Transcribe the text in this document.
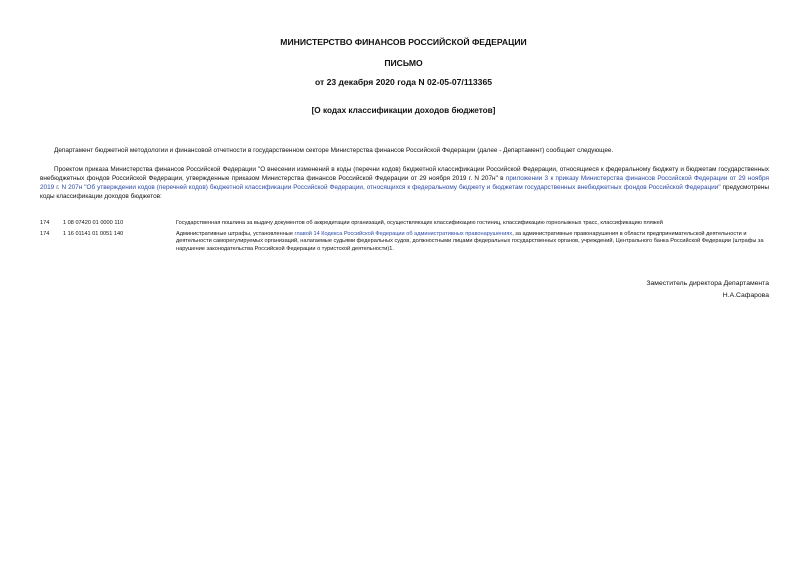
МИНИСТЕРСТВО ФИНАНСОВ РОССИЙСКОЙ ФЕДЕРАЦИИ
ПИСЬМО
от 23 декабря 2020 года N 02-05-07/113365
[О кодах классификации доходов бюджетов]
Департамент бюджетной методологии и финансовой отчетности в государственном секторе Министерства финансов Российской Федерации (далее - Департамент) сообщает следующее.
Проектом приказа Министерства финансов Российской Федерации "О внесении изменений в коды (перечни кодов) бюджетной классификации Российской Федерации, относящиеся к федеральному бюджету и бюджетам государственных внебюджетных фондов Российской Федерации, утвержденные приказом Министерства финансов Российской Федерации от 29 ноября 2019 г. N 207н" в приложении 3 к приказу Министерства финансов Российской Федерации от 29 ноября 2019 г. N 207н "Об утверждении кодов (перечней кодов) бюджетной классификации Российской Федерации, относящихся к федеральному бюджету и бюджетам государственных внебюджетных фондов Российской Федерации" предусмотрены коды классификации доходов бюджетов:
174	1 08 07420 01 0000 110	Государственная пошлина за выдачу документов об аккредитации организаций, осуществляющих классификацию гостиниц, классификацию горнолыжных трасс, классификацию пляжей
174	1 16 01141 01 0051 140	Административные штрафы, установленные главой 14 Кодекса Российской Федерации об административных правонарушениях, за административные правонарушения в области предпринимательской деятельности и деятельности саморегулируемых организаций, налагаемые судьями федеральных судов, должностными лицами федеральных государственных органов, учреждений, Центрального банка Российской Федерации (штрафы за нарушение законодательства Российской Федерации о туристской деятельности)1.
Заместитель директора Департамента
Н.А.Сафарова
